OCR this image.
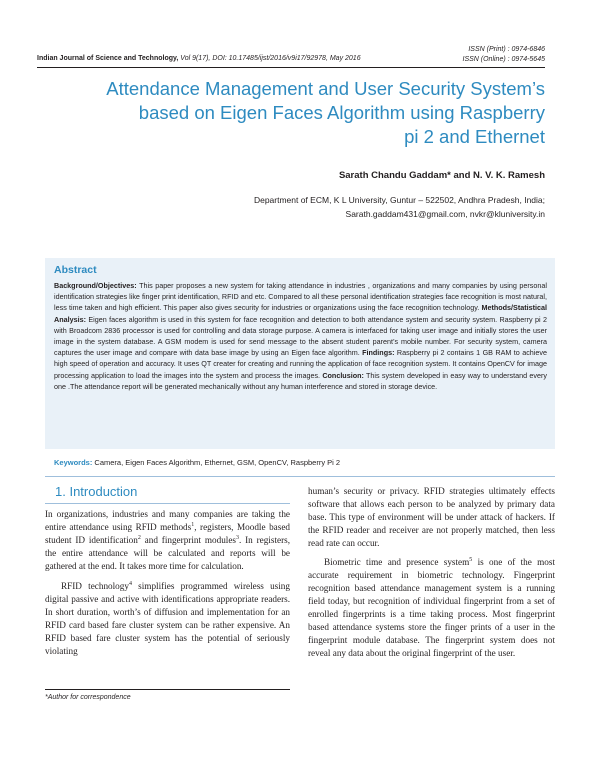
Indian Journal of Science and Technology, Vol 9(17), DOI: 10.17485/ijst/2016/v9i17/92978, May 2016
ISSN (Print) : 0974-6846
ISSN (Online) : 0974-5645
Attendance Management and User Security System’s
based on Eigen Faces Algorithm using Raspberry
pi 2 and Ethernet
Sarath Chandu Gaddam* and N. V. K. Ramesh
Department of ECM, K L University, Guntur – 522502, Andhra Pradesh, India;
Sarath.gaddam431@gmail.com, nvkr@kluniversity.in
Abstract
Background/Objectives: This paper proposes a new system for taking attendance in industries , organizations and many companies by using personal identification strategies like finger print identification, RFID and etc. Compared to all these personal identification strategies face recognition is most natural, less time taken and high efficient. This paper also gives security for industries or organizations using the face recognition technology. Methods/Statistical Analysis: Eigen faces algorithm is used in this system for face recognition and detection to both attendance system and security system. Raspberry pi 2 with Broadcom 2836 processor is used for controlling and data storage purpose. A camera is interfaced for taking user image and initially stores the user image in the system database. A GSM modem is used for send message to the absent student parent’s mobile number. For security system, camera captures the user image and compare with data base image by using an Eigen face algorithm. Findings: Raspberry pi 2 contains 1 GB RAM to achieve high speed of operation and accuracy. It uses QT creater for creating and running the application of face recognition system. It contains OpenCV for image processing application to load the images into the system and process the images. Conclusion: This system developed in easy way to understand every one .The attendance report will be generated mechanically without any human interference and stored in storage device.
Keywords: Camera, Eigen Faces Algorithm, Ethernet, GSM, OpenCV, Raspberry Pi 2
1. Introduction

In organizations, industries and many companies are taking the entire attendance using RFID methods$^1$, registers, Moodle based student ID identification$^2$ and fingerprint modules$^3$. In registers, the entire attendance will be calculated and reports will be gathered at the end. It takes more time for calculation.

RFID technology$^4$ simplifies programmed wireless using digital passive and active with identifications appropriate readers. In short duration, worth’s of diffusion and implementation for an RFID card based fare cluster system can be rather expensive. An RFID based fare cluster system has the potential of seriously violating

human’s security or privacy. RFID strategies ultimately effects software that allows each person to be analyzed by primary data base. This type of environment will be under attack of hackers. If the RFID reader and receiver are not properly matched, then less read rate can occur.

Biometric time and presence system$^5$ is one of the most accurate requirement in biometric technology. Fingerprint recognition based attendance management system is a running field today, but recognition of individual fingerprint from a set of enrolled fingerprints is a time taking process. Most fingerprint based attendance systems store the finger prints of a user in the fingerprint module database. The fingerprint system does not reveal any data about the original fingerprint of the user.

*Author for correspondence
